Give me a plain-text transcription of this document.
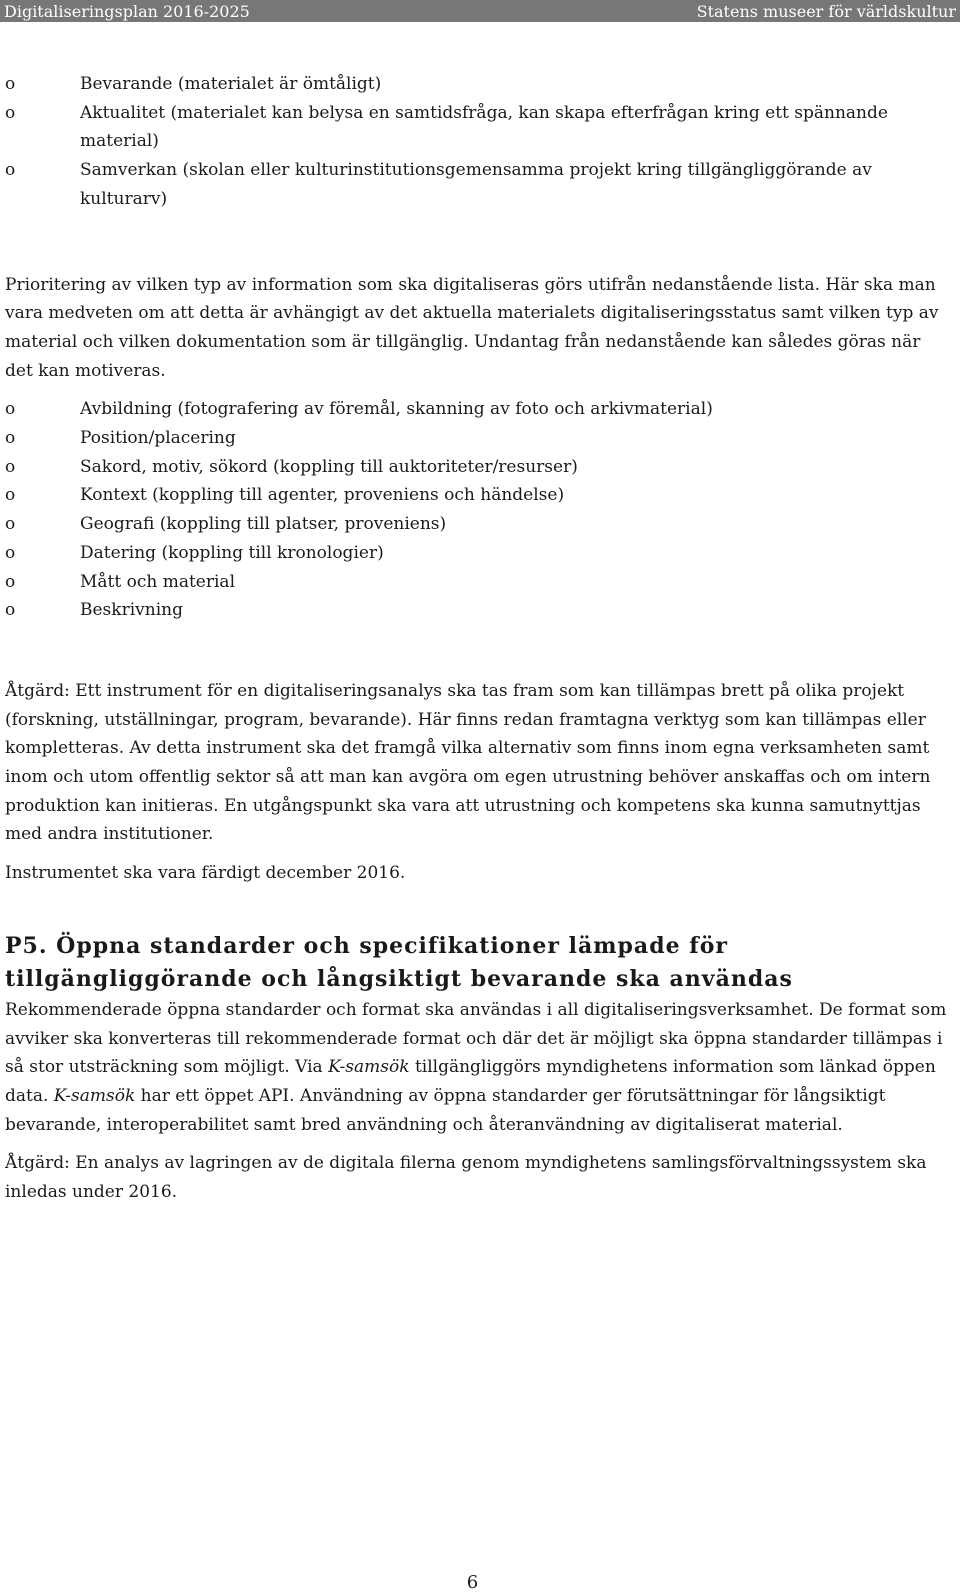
Digitaliseringsplan 2016-2025	Statens museer för världskultur
o	Bevarande (materialet är ömtåligt)
o	Aktualitet (materialet kan belysa en samtidsfråga, kan skapa efterfrågan kring ett spännande material)
o	Samverkan (skolan eller kulturinstitutionsgemensamma projekt kring tillgängliggörande av kulturarv)

Prioritering av vilken typ av information som ska digitaliseras görs utifrån nedanstående lista. Här ska man vara medveten om att detta är avhängigt av det aktuella materialets digitaliseringsstatus samt vilken typ av material och vilken dokumentation som är tillgänglig. Undantag från nedanstående kan således göras när det kan motiveras.

o	Avbildning (fotografering av föremål, skanning av foto och arkivmaterial)
o	Position/placering
o	Sakord, motiv, sökord (koppling till auktoriteter/resurser)
o	Kontext (koppling till agenter, proveniens och händelse)
o	Geografi (koppling till platser, proveniens)
o	Datering (koppling till kronologier)
o	Mått och material
o	Beskrivning

Åtgärd: Ett instrument för en digitaliseringsanalys ska tas fram som kan tillämpas brett på olika projekt (forskning, utställningar, program, bevarande). Här finns redan framtagna verktyg som kan tillämpas eller kompletteras. Av detta instrument ska det framgå vilka alternativ som finns inom egna verksamheten samt inom och utom offentlig sektor så att man kan avgöra om egen utrustning behöver anskaffas och om intern produktion kan initieras. En utgångspunkt ska vara att utrustning och kompetens ska kunna samutnyttjas med andra institutioner.

Instrumentet ska vara färdigt december 2016.

P5. Öppna standarder och specifikationer lämpade för tillgängliggörande och långsiktigt bevarande ska användas

Rekommenderade öppna standarder och format ska användas i all digitaliseringsverksamhet. De format som avviker ska konverteras till rekommenderade format och där det är möjligt ska öppna standarder tillämpas i så stor utsträckning som möjligt. Via K-samsök tillgängliggörs myndighetens information som länkad öppen data. K-samsök har ett öppet API. Användning av öppna standarder ger förutsättningar för långsiktigt bevarande, interoperabilitet samt bred användning och återanvändning av digitaliserat material.

Åtgärd: En analys av lagringen av de digitala filerna genom myndighetens samlingsförvaltningssystem ska inledas under 2016.

6
